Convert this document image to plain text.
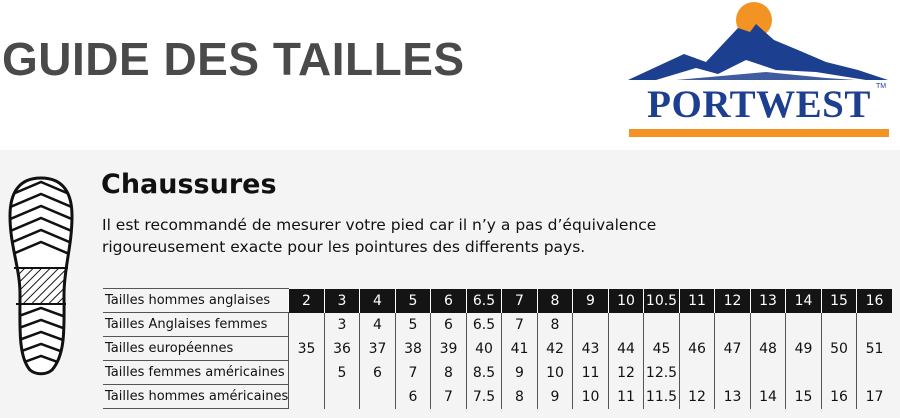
GUIDE DES TAILLES
PORTWEST TM
Chaussures

Il est recommandé de mesurer votre pied car il n’y a pas d’équivalence
rigoureusement exacte pour les pointures des differents pays.

Tailles hommes anglaises	2	3	4	5	6	6.5	7	8	9	10	10.5	11	12	13	14	15	16
Tailles Anglaises femmes		3	4	5	6	6.5	7	8									
Tailles européennes	35	36	37	38	39	40	41	42	43	44	45	46	47	48	49	50	51
Tailles femmes américaines		5	6	7	8	8.5	9	10	11	12	12.5						
Tailles hommes américaines				6	7	7.5	8	9	10	11	11.5	12	13	14	15	16	17
